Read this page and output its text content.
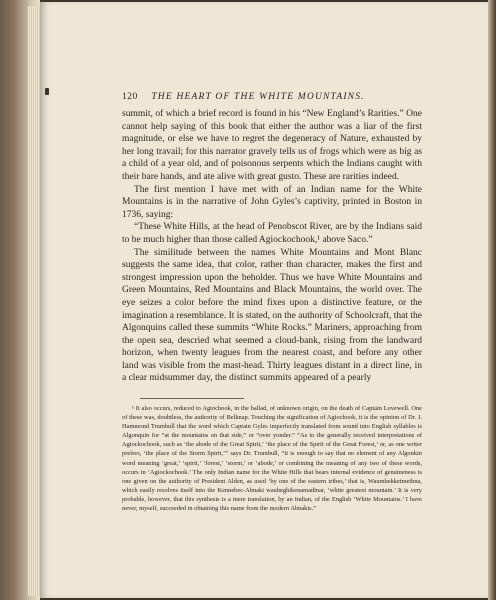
120 THE HEART OF THE WHITE MOUNTAINS.

summit, of which a brief record is found in his “New England’s Rarities.” One cannot help saying of this book that either the author was a liar of the first magnitude, or else we have to regret the degeneracy of Nature, exhausted by her long travail; for this narrator gravely tells us of frogs which were as big as a child of a year old, and of poisonous serpents which the Indians caught with their bare hands, and ate alive with great gusto. These are rarities indeed.

The first mention I have met with of an Indian name for the White Mountains is in the narrative of John Gyles’s captivity, printed in Boston in 1736, saying:

“These White Hills, at the head of Penobscot River, are by the Indians said to be much higher than those called Agiockochook,¹ above Saco.”

The similitude between the names White Mountains and Mont Blanc suggests the same idea, that color, rather than character, makes the first and strongest impression upon the beholder. Thus we have White Mountains and Green Mountains, Red Mountains and Black Mountains, the world over. The eye seizes a color before the mind fixes upon a distinctive feature, or the imagination a resemblance. It is stated, on the authority of Schoolcraft, that the Algonquins called these summits “White Rocks.” Mariners, approaching from the open sea, descried what seemed a cloud-bank, rising from the landward horizon, when twenty leagues from the nearest coast, and before any other land was visible from the mast-head. Thirty leagues distant in a direct line, in a clear midsummer day, the distinct summits appeared of a pearly

¹ It also occurs, reduced to Agiochook, in the ballad, of unknown origin, on the death of Captain Lovewell. One of these was, doubtless, the authority of Belknap. Touching the signification of Agiochook, it is the opinion of Dr. J. Hammond Trumbull that the word which Captain Gyles imperfectly translated from sound into English syllables is Algonquin for “at the mountains on that side,” or “over yonder.” “As to the generally received interpretations of Agiockochook, such as ‘the abode of the Great Spirit,’ ‘the place of the Spirit of the Great Forest,’ or, as one writer prefers, ‘the place of the Storm Spirit,’” says Dr. Trumbull, “it is enough to say that no element of any Algonkin word meaning ‘great,’ ‘spirit,’ ‘forest,’ ‘storm,’ or ‘abode,’ or combining the meaning of any two of these words, occurs in ‘Agiockochook.’ The only Indian name for the White Hills that bears internal evidence of genuineness is one given on the authority of President Alden, as used ‘by one of the eastern tribes,’ that is, Waumbekketmethna, which easily resolves itself into the Kennebec-Abnaki waubeghikenamadinar, ‘white greatest mountain.’ It is very probable, however, that this synthesis is a mere translation, by an Indian, of the English ‘White Mountains.’ I have never, myself, succeeded in obtaining this name from the modern Abnakis.”
